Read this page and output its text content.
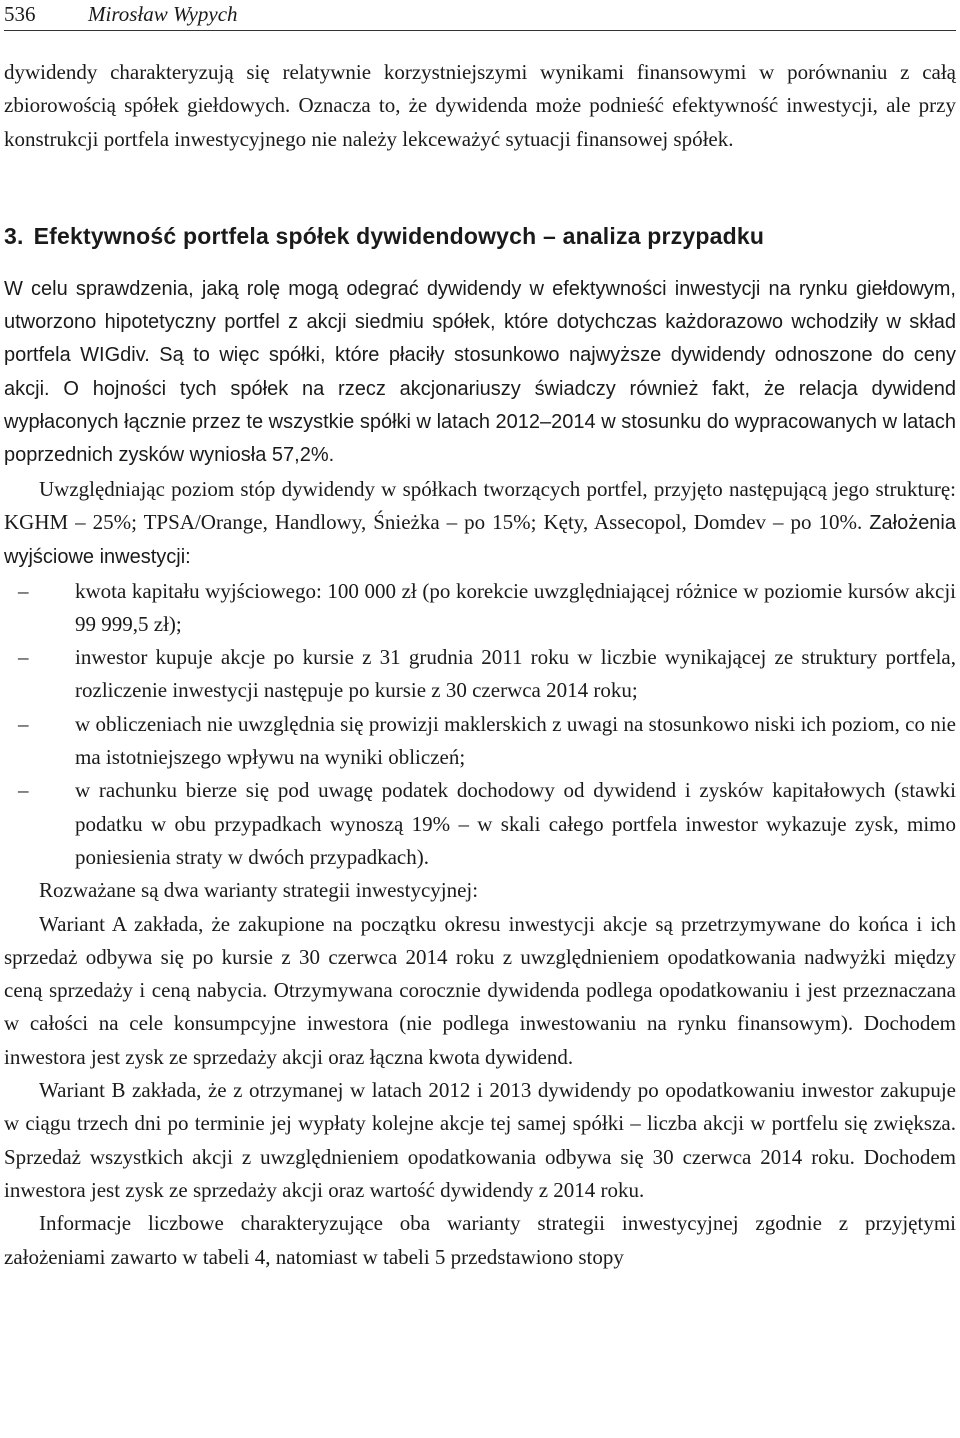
536	Mirosław Wypych

dywidendy charakteryzują się relatywnie korzystniejszymi wynikami finansowymi w porównaniu z całą zbiorowością spółek giełdowych. Oznacza to, że dywidenda może podnieść efektywność inwestycji, ale przy konstrukcji portfela inwestycyjnego nie należy lekceważyć sytuacji finansowej spółek.

3. Efektywność portfela spółek dywidendowych – analiza przypadku

W celu sprawdzenia, jaką rolę mogą odegrać dywidendy w efektywności inwestycji na rynku giełdowym, utworzono hipotetyczny portfel z akcji siedmiu spółek, które dotychczas każdorazowo wchodziły w skład portfela WIGdiv. Są to więc spółki, które płaciły stosunkowo najwyższe dywidendy odnoszone do ceny akcji. O hojności tych spółek na rzecz akcjonariuszy świadczy również fakt, że relacja dywidend wypłaconych łącznie przez te wszystkie spółki w latach 2012–2014 w stosunku do wypracowanych w latach poprzednich zysków wyniosła 57,2%.

Uwzględniając poziom stóp dywidendy w spółkach tworzących portfel, przyjęto następującą jego strukturę: KGHM – 25%; TPSA/Orange, Handlowy, Śnieżka – po 15%; Kęty, Assecopol, Domdev – po 10%. Założenia wyjściowe inwestycji:

– kwota kapitału wyjściowego: 100 000 zł (po korekcie uwzględniającej różnice w poziomie kursów akcji 99 999,5 zł);
– inwestor kupuje akcje po kursie z 31 grudnia 2011 roku w liczbie wynikającej ze struktury portfela, rozliczenie inwestycji następuje po kursie z 30 czerwca 2014 roku;
– w obliczeniach nie uwzględnia się prowizji maklerskich z uwagi na stosunkowo niski ich poziom, co nie ma istotniejszego wpływu na wyniki obliczeń;
– w rachunku bierze się pod uwagę podatek dochodowy od dywidend i zysków kapitałowych (stawki podatku w obu przypadkach wynoszą 19% – w skali całego portfela inwestor wykazuje zysk, mimo poniesienia straty w dwóch przypadkach).

Rozważane są dwa warianty strategii inwestycyjnej:

Wariant A zakłada, że zakupione na początku okresu inwestycji akcje są przetrzymywane do końca i ich sprzedaż odbywa się po kursie z 30 czerwca 2014 roku z uwzględnieniem opodatkowania nadwyżki między ceną sprzedaży i ceną nabycia. Otrzymywana corocznie dywidenda podlega opodatkowaniu i jest przeznaczana w całości na cele konsumpcyjne inwestora (nie podlega inwestowaniu na rynku finansowym). Dochodem inwestora jest zysk ze sprzedaży akcji oraz łączna kwota dywidend.

Wariant B zakłada, że z otrzymanej w latach 2012 i 2013 dywidendy po opodatkowaniu inwestor zakupuje w ciągu trzech dni po terminie jej wypłaty kolejne akcje tej samej spółki – liczba akcji w portfelu się zwiększa. Sprzedaż wszystkich akcji z uwzględnieniem opodatkowania odbywa się 30 czerwca 2014 roku. Dochodem inwestora jest zysk ze sprzedaży akcji oraz wartość dywidendy z 2014 roku.

Informacje liczbowe charakteryzujące oba warianty strategii inwestycyjnej zgodnie z przyjętymi założeniami zawarto w tabeli 4, natomiast w tabeli 5 przedstawiono stopy
